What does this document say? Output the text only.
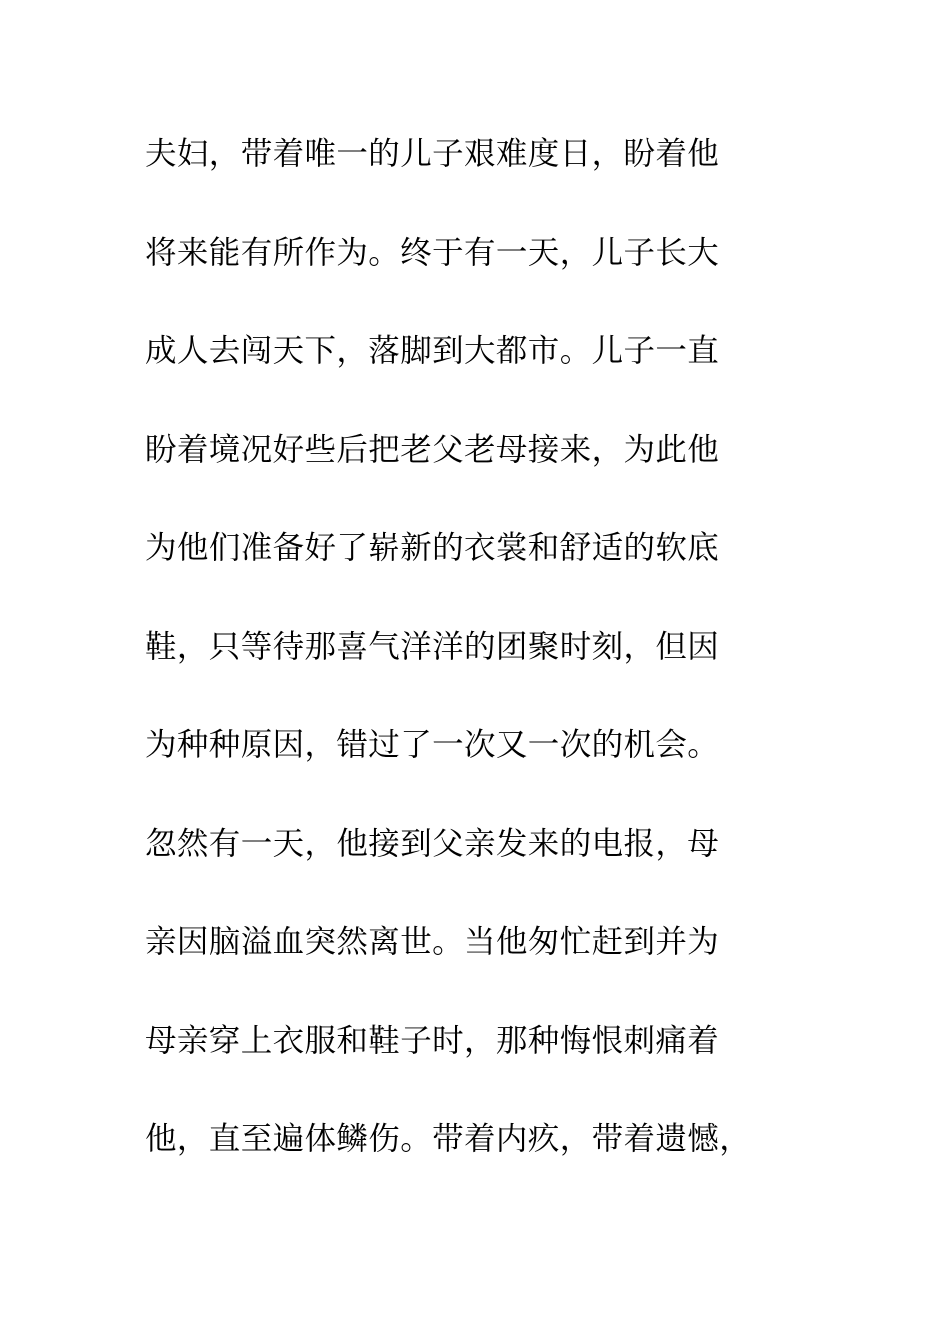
夫妇，带着唯一的儿子艰难度日，盼着他
将来能有所作为。终于有一天，儿子长大
成人去闯天下，落脚到大都市。儿子一直
盼着境况好些后把老父老母接来，为此他
为他们准备好了崭新的衣裳和舒适的软底
鞋，只等待那喜气洋洋的团聚时刻，但因
为种种原因，错过了一次又一次的机会。
忽然有一天，他接到父亲发来的电报，母
亲因脑溢血突然离世。当他匆忙赶到并为
母亲穿上衣服和鞋子时，那种悔恨刺痛着
他，直至遍体鳞伤。带着内疚，带着遗憾，
